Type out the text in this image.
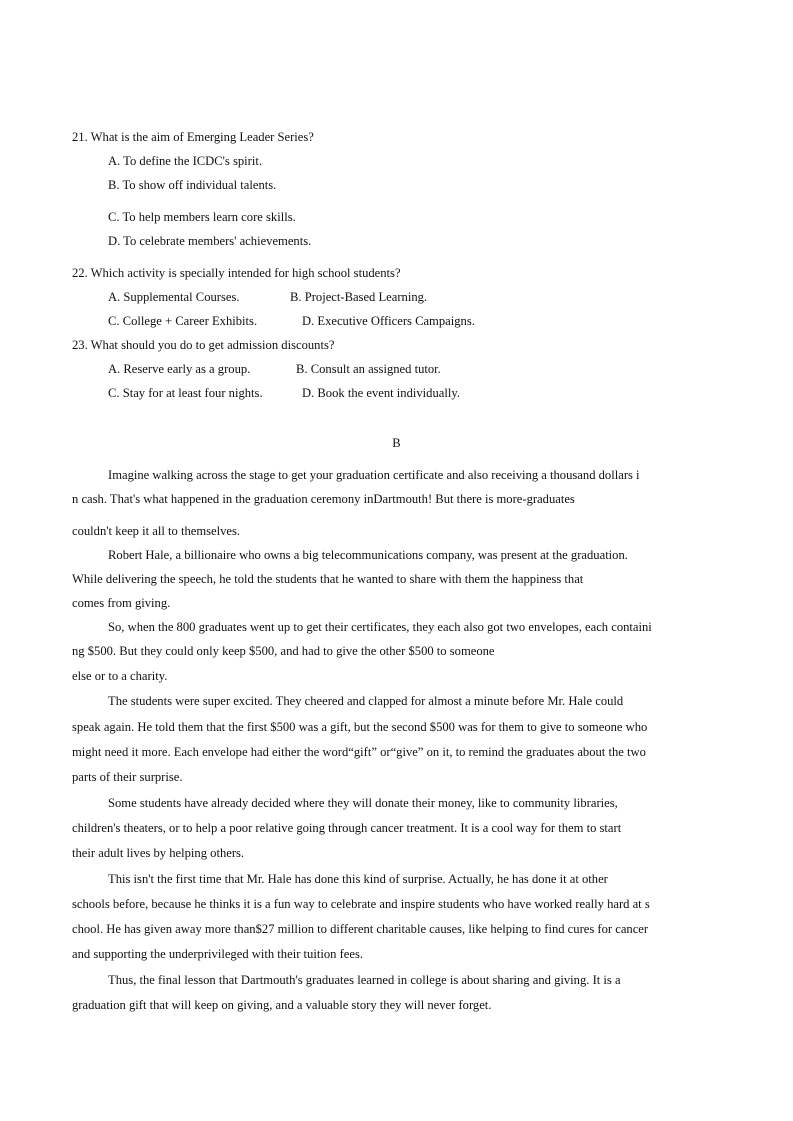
21. What is the aim of Emerging Leader Series?
A. To define the ICDC's spirit.
B. To show off individual talents.
C. To help members learn core skills.
D. To celebrate members' achievements.
22. Which activity is specially intended for high school students?
A. Supplemental Courses.	B. Project-Based Learning.
C. College + Career Exhibits.	D. Executive Officers Campaigns.
23. What should you do to get admission discounts?
A. Reserve early as a group.	B. Consult an assigned tutor.
C. Stay for at least four nights.	D. Book the event individually.
B
Imagine walking across the stage to get your graduation certificate and also receiving a thousand dollars i
n cash. That's what happened in the graduation ceremony inDartmouth! But there is more-graduates
couldn't keep it all to themselves.
Robert Hale, a billionaire who owns a big telecommunications company, was present at the graduation.
While delivering the speech, he told the students that he wanted to share with them the happiness that
comes from giving.
So, when the 800 graduates went up to get their certificates, they each also got two envelopes, each containi
ng $500. But they could only keep $500, and had to give the other $500 to someone
else or to a charity.
The students were super excited. They cheered and clapped for almost a minute before Mr. Hale could
speak again. He told them that the first $500 was a gift, but the second $500 was for them to give to someone who
might need it more. Each envelope had either the word“gift” or“give” on it, to remind the graduates about the two
parts of their surprise.
Some students have already decided where they will donate their money, like to community libraries,
children's theaters, or to help a poor relative going through cancer treatment. It is a cool way for them to start
their adult lives by helping others.
This isn't the first time that Mr. Hale has done this kind of surprise. Actually, he has done it at other
schools before, because he thinks it is a fun way to celebrate and inspire students who have worked really hard at s
chool. He has given away more than$27 million to different charitable causes, like helping to find cures for cancer
and supporting the underprivileged with their tuition fees.
Thus, the final lesson that Dartmouth's graduates learned in college is about sharing and giving. It is a
graduation gift that will keep on giving, and a valuable story they will never forget.
